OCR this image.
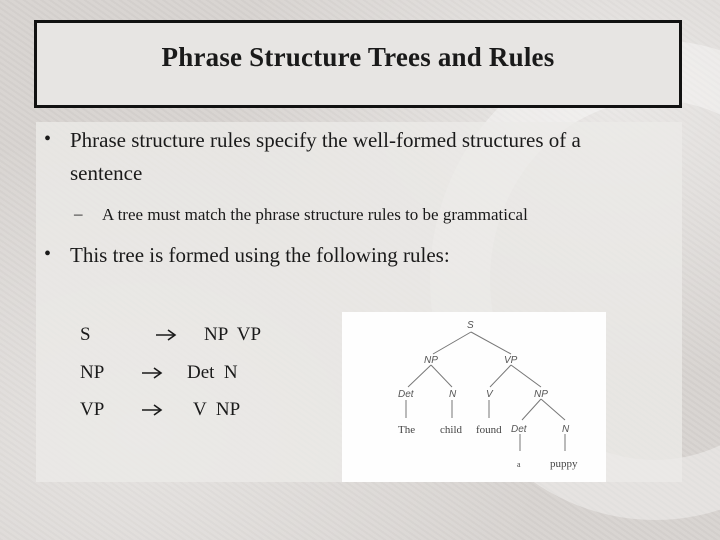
Phrase Structure Trees and Rules
• Phrase structure rules specify the well-formed structures of a
sentence
– A tree must match the phrase structure rules to be grammatical
• This tree is formed using the following rules:
S	NP  VP
NP	Det  N
VP	V  NP
S
NP	VP
Det	N	V	NP
Det	N
The child found
a	puppy
